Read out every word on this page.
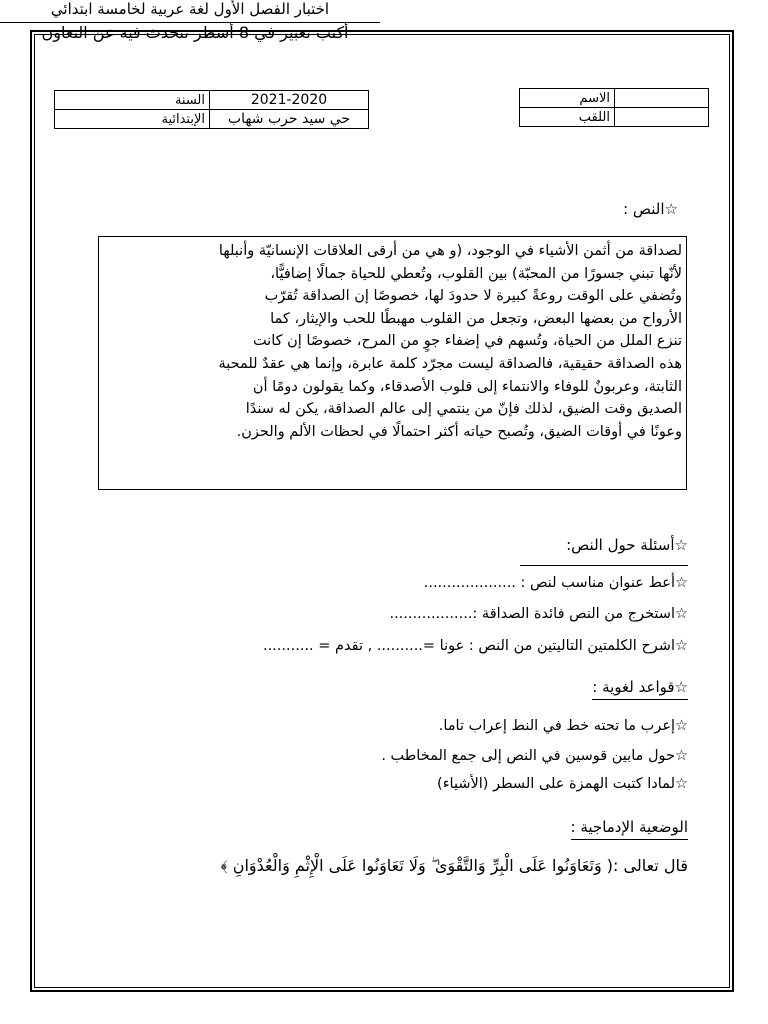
الاسم	
اللقب	
السنة	2021-2020
الإبتدائية	حي سيد حرب شهاب
اختبار الفصل الأول لغة عربية لخامسة ابتدائي
☆النص :
لصداقة من أثمن الأشياء في الوجود، (و هي من أرقى العلاقات الإنسانيّة وأنبلها
لأنّها تبني جسورًا من المحبّة) بين القلوب، وتُعطي للحياة جمالًا إضافيًّا،
وتُضفي على الوقت روعةً كبيرة لا حدودَ لها، خصوصًا إن الصداقة تُقرّب
الأرواح من بعضها البعض، وتجعل من القلوب مهبطًا للحب والإيثار، كما
تنزع الملل من الحياة، وتُسهم في إضفاء جوٍ من المرح، خصوصًا إن كانت
هذه الصداقة حقيقية، فالصداقة ليست مجرّد كلمة عابرة، وإنما هي عقدٌ للمحبة
الثابتة، وعربونٌ للوفاء والانتماء إلى قلوب الأصدقاء، وكما يقولون دومًا أن
الصديق وقت الضيق، لذلك فإنّ من ينتمي إلى عالم الصداقة، يكن له سندًا
وعونًا في أوقات الضيق، وتُصبح حياته أكثر احتمالًا في لحظات الألم والحزن.
☆أسئلة حول النص:
☆أعط عنوان مناسب لنص : ....................
☆استخرج من النص فائدة الصداقة :..................
☆اشرح الكلمتين التاليتين من النص : عونا =.......... , تقدم = ...........
☆قواعد لغوية :
☆إعرب ما تحته خط في النط إعراب تاما.
☆حول مابين قوسين في النص إلى جمع المخاطب .
☆لمادا كتبت الهمزة على السطر (الأشياء)
الوضعية الإدماجية :
قال تعالى :( وَتَعَاوَنُوا عَلَى الْبِرِّ وَالتَّقْوَىٰ ۖ وَلَا تَعَاوَنُوا عَلَى الْإِثْمِ وَالْعُدْوَانِ ﴾
أكتب تعبير في 8 أسطر تتحدث فيه عن التعاون
